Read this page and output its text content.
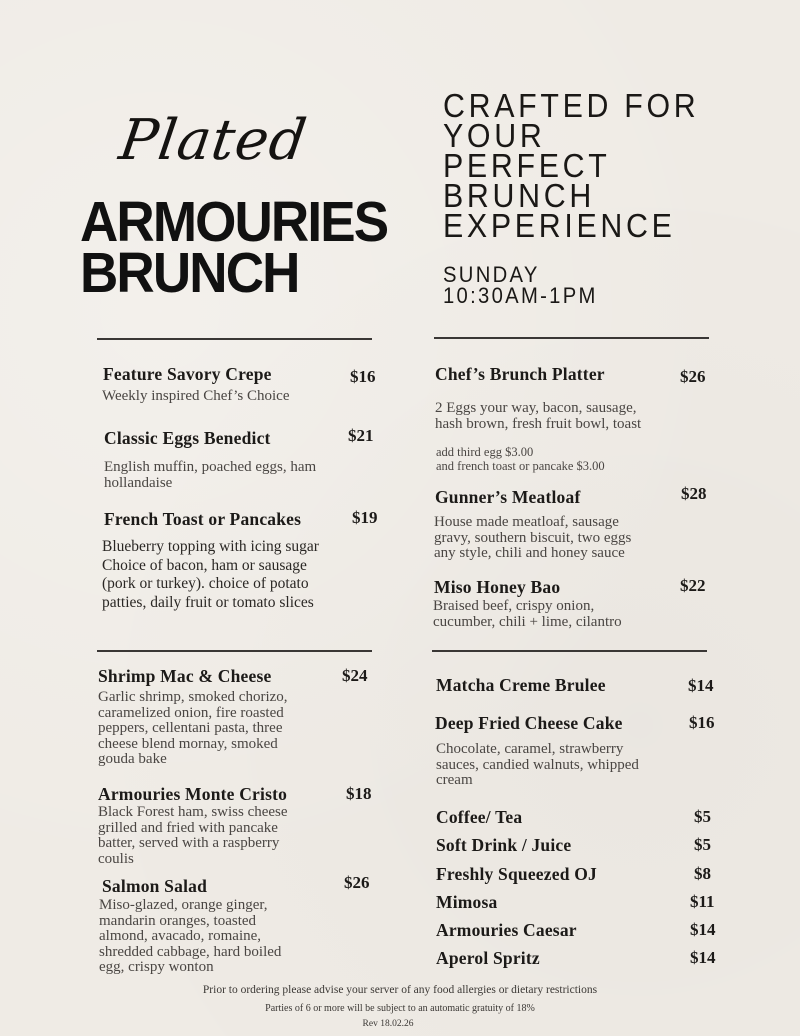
Plated
ARMOURIES
BRUNCH
CRAFTED FOR
YOUR
PERFECT
BRUNCH
EXPERIENCE
SUNDAY
10:30AM-1PM
Feature Savory Crepe	$16
Weekly inspired Chef’s Choice
Classic Eggs Benedict	$21
English muffin, poached eggs, ham
hollandaise
French Toast or Pancakes	$19
Blueberry topping with icing sugar
Choice of bacon, ham or sausage
(pork or turkey). choice of potato
patties, daily fruit or tomato slices
Chef’s Brunch Platter	$26
2 Eggs your way, bacon, sausage,
hash brown, fresh fruit bowl, toast
add third egg $3.00
and french toast or pancake $3.00
Gunner’s Meatloaf	$28
House made meatloaf, sausage
gravy, southern biscuit, two eggs
any style, chili and honey sauce
Miso Honey Bao	$22
Braised beef, crispy onion,
cucumber, chili + lime, cilantro
Shrimp Mac & Cheese	$24
Garlic shrimp, smoked chorizo,
caramelized onion, fire roasted
peppers, cellentani pasta, three
cheese blend mornay, smoked
gouda bake
Armouries Monte Cristo	$18
Black Forest ham, swiss cheese
grilled and fried with pancake
batter, served with a raspberry
coulis
Salmon Salad	$26
Miso-glazed, orange ginger,
mandarin oranges, toasted
almond, avacado, romaine,
shredded cabbage, hard boiled
egg, crispy wonton
Matcha Creme Brulee	$14
Deep Fried Cheese Cake	$16
Chocolate, caramel, strawberry
sauces, candied walnuts, whipped
cream
Coffee/ Tea	$5
Soft Drink / Juice	$5
Freshly Squeezed OJ	$8
Mimosa	$11
Armouries Caesar	$14
Aperol Spritz	$14
Prior to ordering please advise your server of any food allergies or dietary restrictions
Parties of 6 or more will be subject to an automatic gratuity of 18%
Rev 18.02.26
